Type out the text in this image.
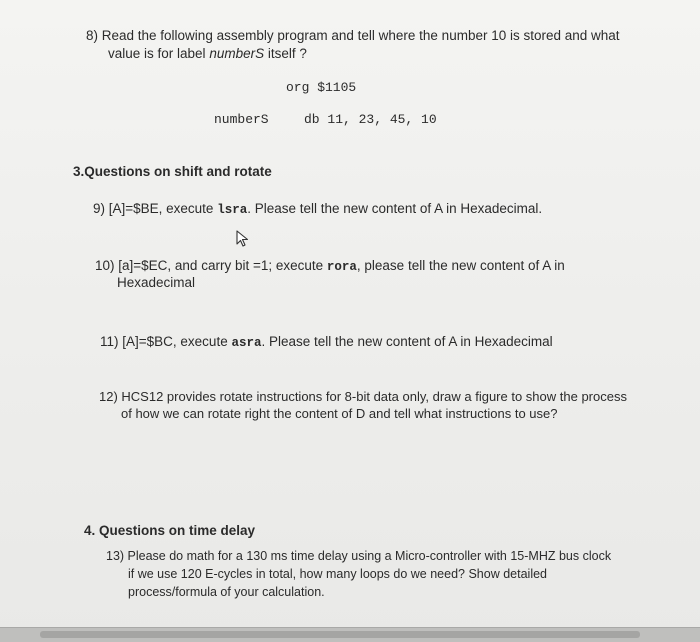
8) Read the following assembly program and tell where the number 10 is stored and what
value is for label numberS itself ?
org $1105
numberS	db 11, 23, 45, 10
3.Questions on shift and rotate
9) [A]=$BE, execute lsra. Please tell the new content of A in Hexadecimal.
10) [a]=$EC, and carry bit =1; execute rora, please tell the new content of A in
Hexadecimal
11) [A]=$BC, execute asra. Please tell the new content of A in Hexadecimal
12) HCS12 provides rotate instructions for 8-bit data only, draw a figure to show the process
of how we can rotate right the content of D and tell what instructions to use?
4. Questions on time delay
13) Please do math for a 130 ms time delay using a Micro-controller with 15-MHZ bus clock
if we use 120 E-cycles in total, how many loops do we need? Show detailed
process/formula of your calculation.
